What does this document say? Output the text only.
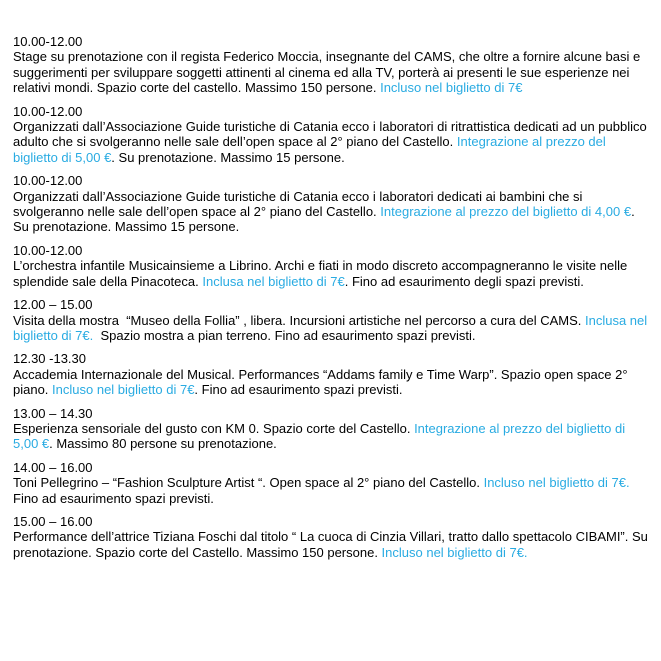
10.00-12.00

Stage su prenotazione con il regista Federico Moccia, insegnante del CAMS, che oltre a fornire alcune basi e suggerimenti per sviluppare soggetti attinenti al cinema ed alla TV, porterà ai presenti le sue esperienze nei relativi mondi. Spazio corte del castello. Massimo 150 persone. Incluso nel biglietto di 7€

10.00-12.00

Organizzati dall’Associazione Guide turistiche di Catania ecco i laboratori di ritrattistica dedicati ad un pubblico adulto che si svolgeranno nelle sale dell’open space al 2° piano del Castello. Integrazione al prezzo del biglietto di 5,00 €. Su prenotazione. Massimo 15 persone.

10.00-12.00

Organizzati dall’Associazione Guide turistiche di Catania ecco i laboratori dedicati ai bambini che si svolgeranno nelle sale dell’open space al 2° piano del Castello. Integrazione al prezzo del biglietto di 4,00 €. Su prenotazione. Massimo 15 persone.

10.00-12.00

L’orchestra infantile Musicainsieme a Librino. Archi e fiati in modo discreto accompagneranno le visite nelle splendide sale della Pinacoteca. Inclusa nel biglietto di 7€. Fino ad esaurimento degli spazi previsti.

12.00 – 15.00

Visita della mostra  “Museo della Follia” , libera. Incursioni artistiche nel percorso a cura del CAMS. Inclusa nel biglietto di 7€.  Spazio mostra a pian terreno. Fino ad esaurimento spazi previsti.

12.30 -13.30

Accademia Internazionale del Musical. Performances “Addams family e Time Warp”. Spazio open space 2° piano. Incluso nel biglietto di 7€. Fino ad esaurimento spazi previsti.

13.00 – 14.30

Esperienza sensoriale del gusto con KM 0. Spazio corte del Castello. Integrazione al prezzo del biglietto di 5,00 €. Massimo 80 persone su prenotazione.

14.00 – 16.00

Toni Pellegrino – “Fashion Sculpture Artist “. Open space al 2° piano del Castello. Incluso nel biglietto di 7€. Fino ad esaurimento spazi previsti.

15.00 – 16.00

Performance dell’attrice Tiziana Foschi dal titolo “ La cuoca di Cinzia Villari, tratto dallo spettacolo CIBAMI”. Su prenotazione. Spazio corte del Castello. Massimo 150 persone. Incluso nel biglietto di 7€.
